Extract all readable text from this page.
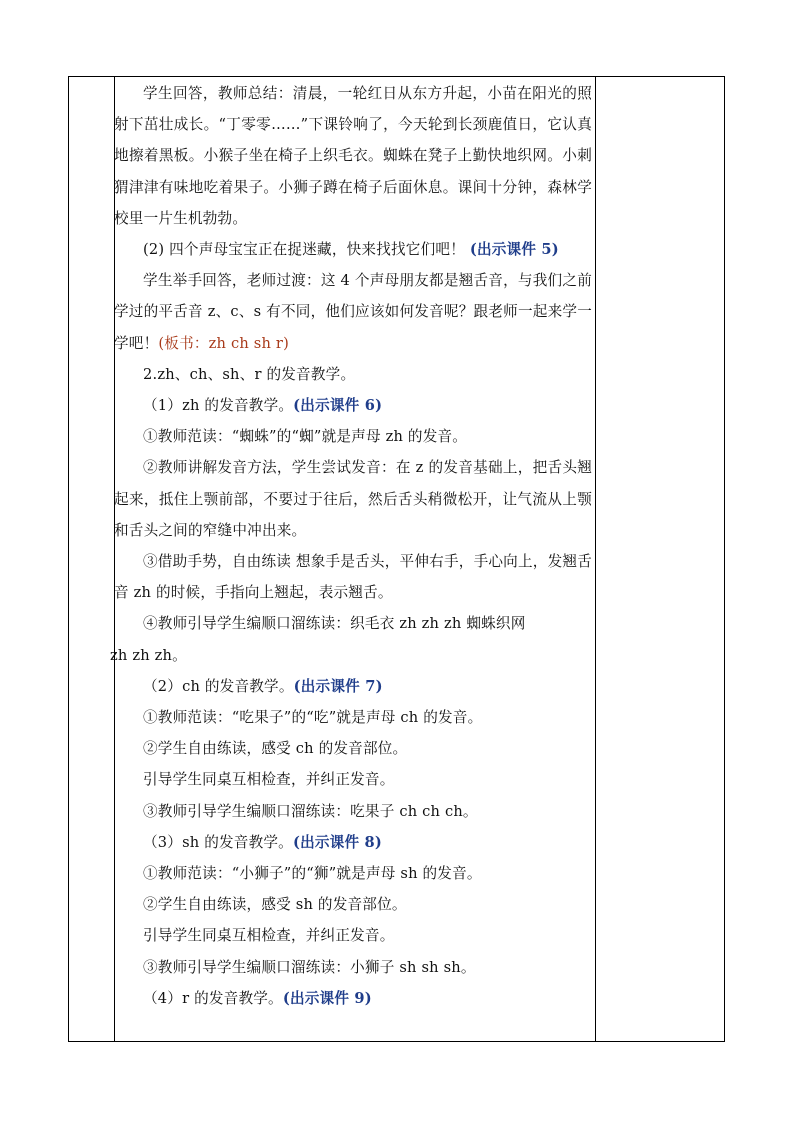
学生回答，教师总结：清晨，一轮红日从东方升起，小苗在阳光的照射下茁壮成长。“丁零零……”下课铃响了，今天轮到长颈鹿值日，它认真地擦着黑板。小猴子坐在椅子上织毛衣。蜘蛛在凳子上勤快地织网。小刺猬津津有味地吃着果子。小狮子蹲在椅子后面休息。课间十分钟，森林学校里一片生机勃勃。

(2) 四个声母宝宝正在捉迷藏，快来找找它们吧！ (出示课件 5)

学生举手回答，老师过渡：这 4 个声母朋友都是翘舌音，与我们之前学过的平舌音 z、c、s 有不同，他们应该如何发音呢？跟老师一起来学一学吧！(板书：zh ch sh r)

2.zh、ch、sh、r 的发音教学。

（1）zh 的发音教学。(出示课件 6)

①教师范读：“蜘蛛”的“蜘”就是声母 zh 的发音。

②教师讲解发音方法，学生尝试发音：在 z 的发音基础上，把舌头翘起来，抵住上颚前部，不要过于往后，然后舌头稍微松开，让气流从上颚和舌头之间的窄缝中冲出来。

③借助手势，自由练读 想象手是舌头，平伸右手，手心向上，发翘舌音 zh 的时候，手指向上翘起，表示翘舌。

④教师引导学生编顺口溜练读：织毛衣 zh zh zh 蜘蛛织网

zh zh zh。

（2）ch 的发音教学。(出示课件 7)

①教师范读：“吃果子”的“吃”就是声母 ch 的发音。

②学生自由练读，感受 ch 的发音部位。

引导学生同桌互相检查，并纠正发音。

③教师引导学生编顺口溜练读：吃果子 ch ch ch。

（3）sh 的发音教学。(出示课件 8)

①教师范读：“小狮子”的“狮”就是声母 sh 的发音。

②学生自由练读，感受 sh 的发音部位。

引导学生同桌互相检查，并纠正发音。

③教师引导学生编顺口溜练读：小狮子 sh sh sh。

（4）r 的发音教学。(出示课件 9)
